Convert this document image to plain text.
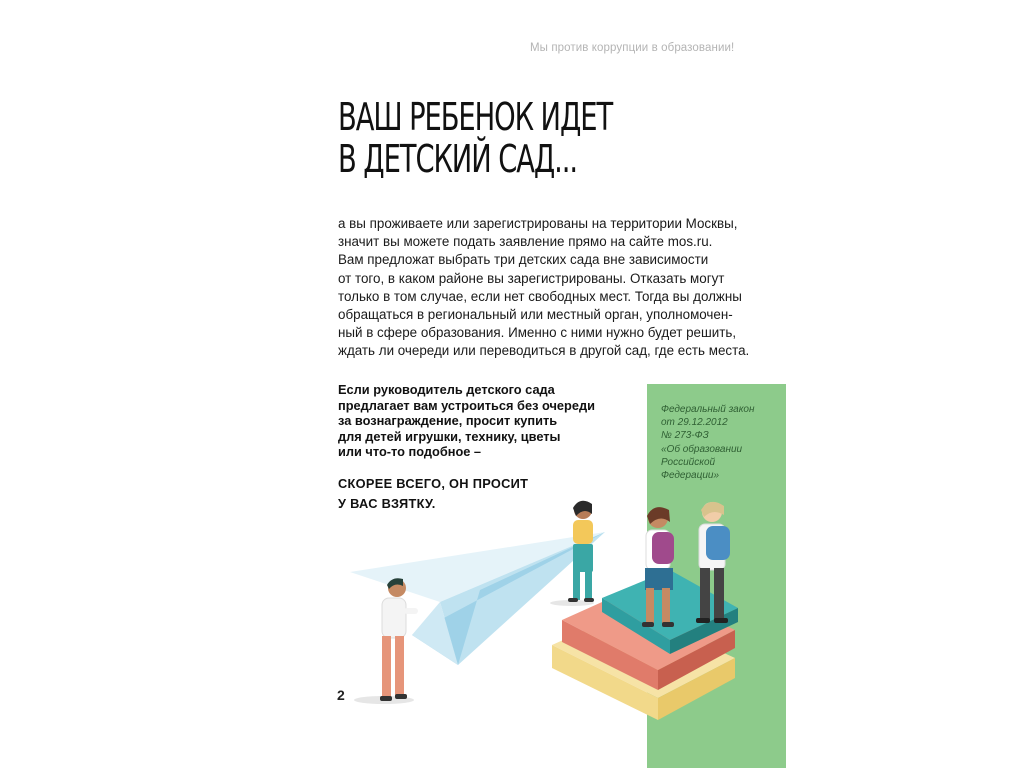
Мы против коррупции в образовании!
ВАШ РЕБЕНОК ИДЕТ
В ДЕТСКИЙ САД...

а вы проживаете или зарегистрированы на территории Москвы,
значит вы можете подать заявление прямо на сайте mos.ru.
Вам предложат выбрать три детских сада вне зависимости
от того, в каком районе вы зарегистрированы. Отказать могут
только в том случае, если нет свободных мест. Тогда вы должны
обращаться в региональный или местный орган, уполномочен-
ный в сфере образования. Именно с ними нужно будет решить,
ждать ли очереди или переводиться в другой сад, где есть места.

Если руководитель детского сада
предлагает вам устроиться без очереди
за вознаграждение, просит купить
для детей игрушки, технику, цветы
или что-то подобное –

СКОРЕЕ ВСЕГО, ОН ПРОСИТ
У ВАС ВЗЯТКУ.

Федеральный закон
от 29.12.2012
№ 273-ФЗ
«Об образовании
Российской
Федерации»

2
